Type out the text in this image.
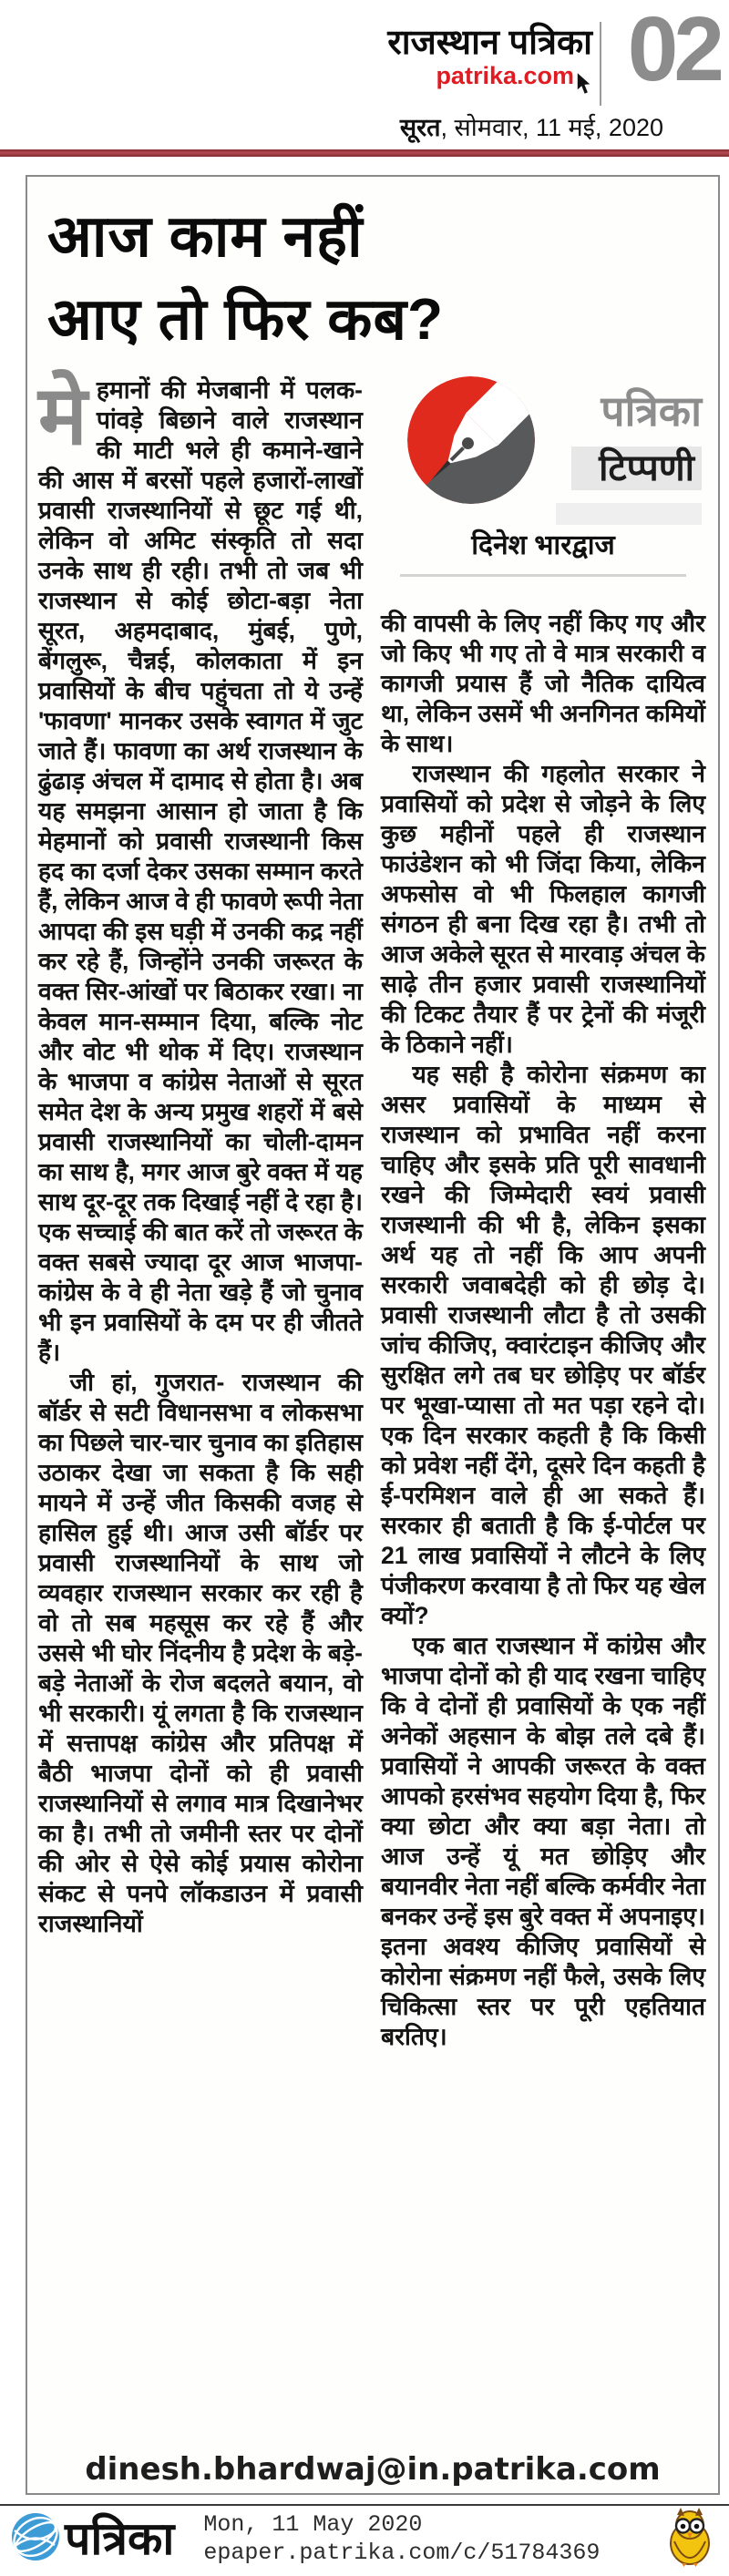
राजस्थान पत्रिका
patrika.com 02
सूरत, सोमवार, 11 मई, 2020
आज काम नहीं
आए तो फिर कब?

मेहमानों की मेजबानी में पलक-पांवड़े बिछाने वाले राजस्थान की माटी भले ही कमाने-खाने की आस में बरसों पहले हजारों-लाखों प्रवासी राजस्थानियों से छूट गई थी, लेकिन वो अमिट संस्कृति तो सदा उनके साथ ही रही। तभी तो जब भी राजस्थान से कोई छोटा-बड़ा नेता सूरत, अहमदाबाद, मुंबई, पुणे, बेंगलुरू, चैन्नई, कोलकाता में इन प्रवासियों के बीच पहुंचता तो ये उन्हें 'फावणा' मानकर उसके स्वागत में जुट जाते हैं। फावणा का अर्थ राजस्थान के ढुंढाड़ अंचल में दामाद से होता है। अब यह समझना आसान हो जाता है कि मेहमानों को प्रवासी राजस्थानी किस हद का दर्जा देकर उसका सम्मान करते हैं, लेकिन आज वे ही फावणे रूपी नेता आपदा की इस घड़ी में उनकी कद्र नहीं कर रहे हैं, जिन्होंने उनकी जरूरत के वक्त सिर-आंखों पर बिठाकर रखा। ना केवल मान-सम्मान दिया, बल्कि नोट और वोट भी थोक में दिए। राजस्थान के भाजपा व कांग्रेस नेताओं से सूरत समेत देश के अन्य प्रमुख शहरों में बसे प्रवासी राजस्थानियों का चोली-दामन का साथ है, मगर आज बुरे वक्त में यह साथ दूर-दूर तक दिखाई नहीं दे रहा है। एक सच्चाई की बात करें तो जरूरत के वक्त सबसे ज्यादा दूर आज भाजपा-कांग्रेस के वे ही नेता खड़े हैं जो चुनाव भी इन प्रवासियों के दम पर ही जीतते हैं।

जी हां, गुजरात- राजस्थान की बॉर्डर से सटी विधानसभा व लोकसभा का पिछले चार-चार चुनाव का इतिहास उठाकर देखा जा सकता है कि सही मायने में उन्हें जीत किसकी वजह से हासिल हुई थी। आज उसी बॉर्डर पर प्रवासी राजस्थानियों के साथ जो व्यवहार राजस्थान सरकार कर रही है वो तो सब महसूस कर रहे हैं और उससे भी घोर निंदनीय है प्रदेश के बड़े-बड़े नेताओं के रोज बदलते बयान, वो भी सरकारी। यूं लगता है कि राजस्थान में सत्तापक्ष कांग्रेस और प्रतिपक्ष में बैठी भाजपा दोनों को ही प्रवासी राजस्थानियों से लगाव मात्र दिखानेभर का है। तभी तो जमीनी स्तर पर दोनों की ओर से ऐसे कोई प्रयास कोरोना संकट से पनपे लॉकडाउन में प्रवासी राजस्थानियों

पत्रिका
टिप्पणी
दिनेश भारद्वाज

की वापसी के लिए नहीं किए गए और जो किए भी गए तो वे मात्र सरकारी व कागजी प्रयास हैं जो नैतिक दायित्व था, लेकिन उसमें भी अनगिनत कमियों के साथ।

राजस्थान की गहलोत सरकार ने प्रवासियों को प्रदेश से जोड़ने के लिए कुछ महीनों पहले ही राजस्थान फाउंडेशन को भी जिंदा किया, लेकिन अफसोस वो भी फिलहाल कागजी संगठन ही बना दिख रहा है। तभी तो आज अकेले सूरत से मारवाड़ अंचल के साढ़े तीन हजार प्रवासी राजस्थानियों की टिकट तैयार हैं पर ट्रेनों की मंजूरी के ठिकाने नहीं।

यह सही है कोरोना संक्रमण का असर प्रवासियों के माध्यम से राजस्थान को प्रभावित नहीं करना चाहिए और इसके प्रति पूरी सावधानी रखने की जिम्मेदारी स्वयं प्रवासी राजस्थानी की भी है, लेकिन इसका अर्थ यह तो नहीं कि आप अपनी सरकारी जवाबदेही को ही छोड़ दे। प्रवासी राजस्थानी लौटा है तो उसकी जांच कीजिए, क्वारंटाइन कीजिए और सुरक्षित लगे तब घर छोड़िए पर बॉर्डर पर भूखा-प्यासा तो मत पड़ा रहने दो। एक दिन सरकार कहती है कि किसी को प्रवेश नहीं देंगे, दूसरे दिन कहती है ई-परमिशन वाले ही आ सकते हैं। सरकार ही बताती है कि ई-पोर्टल पर 21 लाख प्रवासियों ने लौटने के लिए पंजीकरण करवाया है तो फिर यह खेल क्यों?

एक बात राजस्थान में कांग्रेस और भाजपा दोनों को ही याद रखना चाहिए कि वे दोनों ही प्रवासियों के एक नहीं अनेकों अहसान के बोझ तले दबे हैं। प्रवासियों ने आपकी जरूरत के वक्त आपको हरसंभव सहयोग दिया है, फिर क्या छोटा और क्या बड़ा नेता। तो आज उन्हें यूं मत छोड़िए और बयानवीर नेता नहीं बल्कि कर्मवीर नेता बनकर उन्हें इस बुरे वक्त में अपनाइए। इतना अवश्य कीजिए प्रवासियों से कोरोना संक्रमण नहीं फैले, उसके लिए चिकित्सा स्तर पर पूरी एहतियात बरतिए।

dinesh.bhardwaj@in.patrika.com
पत्रिका Mon, 11 May 2020
epaper.patrika.com/c/51784369
